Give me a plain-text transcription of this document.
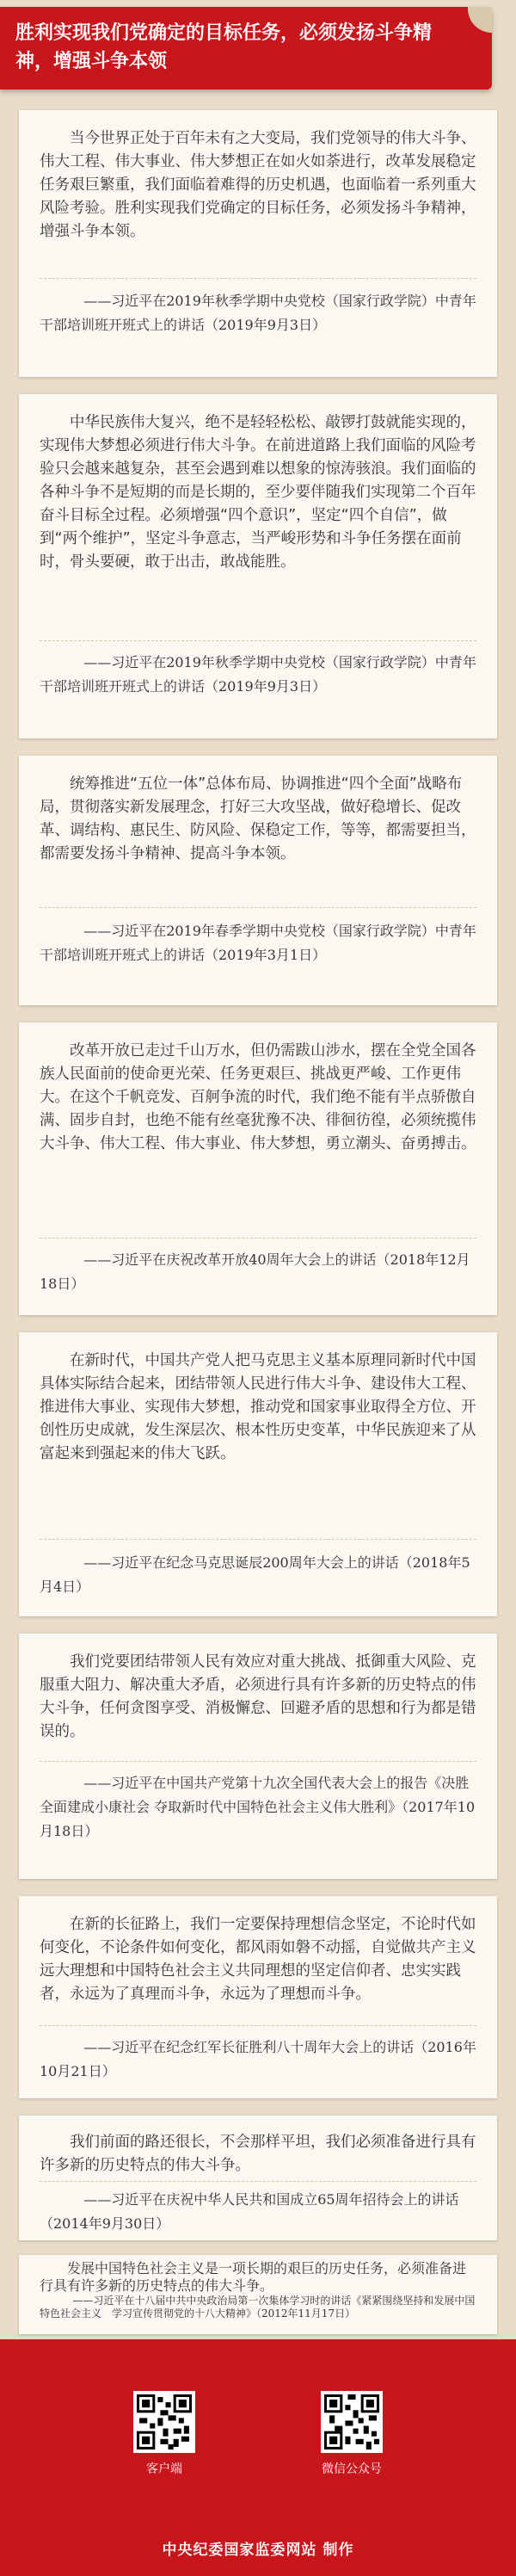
胜利实现我们党确定的目标任务，必须发扬斗争精神，增强斗争本领
当今世界正处于百年未有之大变局，我们党领导的伟大斗争、伟大工程、伟大事业、伟大梦想正在如火如荼进行，改革发展稳定任务艰巨繁重，我们面临着难得的历史机遇，也面临着一系列重大风险考验。胜利实现我们党确定的目标任务，必须发扬斗争精神，增强斗争本领。
——习近平在2019年秋季学期中央党校（国家行政学院）中青年干部培训班开班式上的讲话（2019年9月3日）
中华民族伟大复兴，绝不是轻轻松松、敲锣打鼓就能实现的，实现伟大梦想必须进行伟大斗争。在前进道路上我们面临的风险考验只会越来越复杂，甚至会遇到难以想象的惊涛骇浪。我们面临的各种斗争不是短期的而是长期的，至少要伴随我们实现第二个百年奋斗目标全过程。必须增强“四个意识”，坚定“四个自信”，做到“两个维护”，坚定斗争意志，当严峻形势和斗争任务摆在面前时，骨头要硬，敢于出击，敢战能胜。
——习近平在2019年秋季学期中央党校（国家行政学院）中青年干部培训班开班式上的讲话（2019年9月3日）
统筹推进“五位一体”总体布局、协调推进“四个全面”战略布局，贯彻落实新发展理念，打好三大攻坚战，做好稳增长、促改革、调结构、惠民生、防风险、保稳定工作，等等，都需要担当，都需要发扬斗争精神、提高斗争本领。
——习近平在2019年春季学期中央党校（国家行政学院）中青年干部培训班开班式上的讲话（2019年3月1日）
改革开放已走过千山万水，但仍需跋山涉水，摆在全党全国各族人民面前的使命更光荣、任务更艰巨、挑战更严峻、工作更伟大。在这个千帆竞发、百舸争流的时代，我们绝不能有半点骄傲自满、固步自封，也绝不能有丝毫犹豫不决、徘徊彷徨，必须统揽伟大斗争、伟大工程、伟大事业、伟大梦想，勇立潮头、奋勇搏击。
——习近平在庆祝改革开放40周年大会上的讲话（2018年12月18日）
在新时代，中国共产党人把马克思主义基本原理同新时代中国具体实际结合起来，团结带领人民进行伟大斗争、建设伟大工程、推进伟大事业、实现伟大梦想，推动党和国家事业取得全方位、开创性历史成就，发生深层次、根本性历史变革，中华民族迎来了从富起来到强起来的伟大飞跃。
——习近平在纪念马克思诞辰200周年大会上的讲话（2018年5月4日）
我们党要团结带领人民有效应对重大挑战、抵御重大风险、克服重大阻力、解决重大矛盾，必须进行具有许多新的历史特点的伟大斗争，任何贪图享受、消极懈怠、回避矛盾的思想和行为都是错误的。
——习近平在中国共产党第十九次全国代表大会上的报告《决胜全面建成小康社会 夺取新时代中国特色社会主义伟大胜利》（2017年10月18日）
在新的长征路上，我们一定要保持理想信念坚定，不论时代如何变化，不论条件如何变化，都风雨如磐不动摇，自觉做共产主义远大理想和中国特色社会主义共同理想的坚定信仰者、忠实实践者，永远为了真理而斗争，永远为了理想而斗争。
——习近平在纪念红军长征胜利八十周年大会上的讲话（2016年10月21日）
我们前面的路还很长，不会那样平坦，我们必须准备进行具有许多新的历史特点的伟大斗争。
——习近平在庆祝中华人民共和国成立65周年招待会上的讲话（2014年9月30日）
发展中国特色社会主义是一项长期的艰巨的历史任务，必须准备进行具有许多新的历史特点的伟大斗争。
——习近平在十八届中共中央政治局第一次集体学习时的讲话《紧紧围绕坚持和发展中国特色社会主义　学习宣传贯彻党的十八大精神》（2012年11月17日）
客户端	微信公众号
中央纪委国家监委网站 制作
